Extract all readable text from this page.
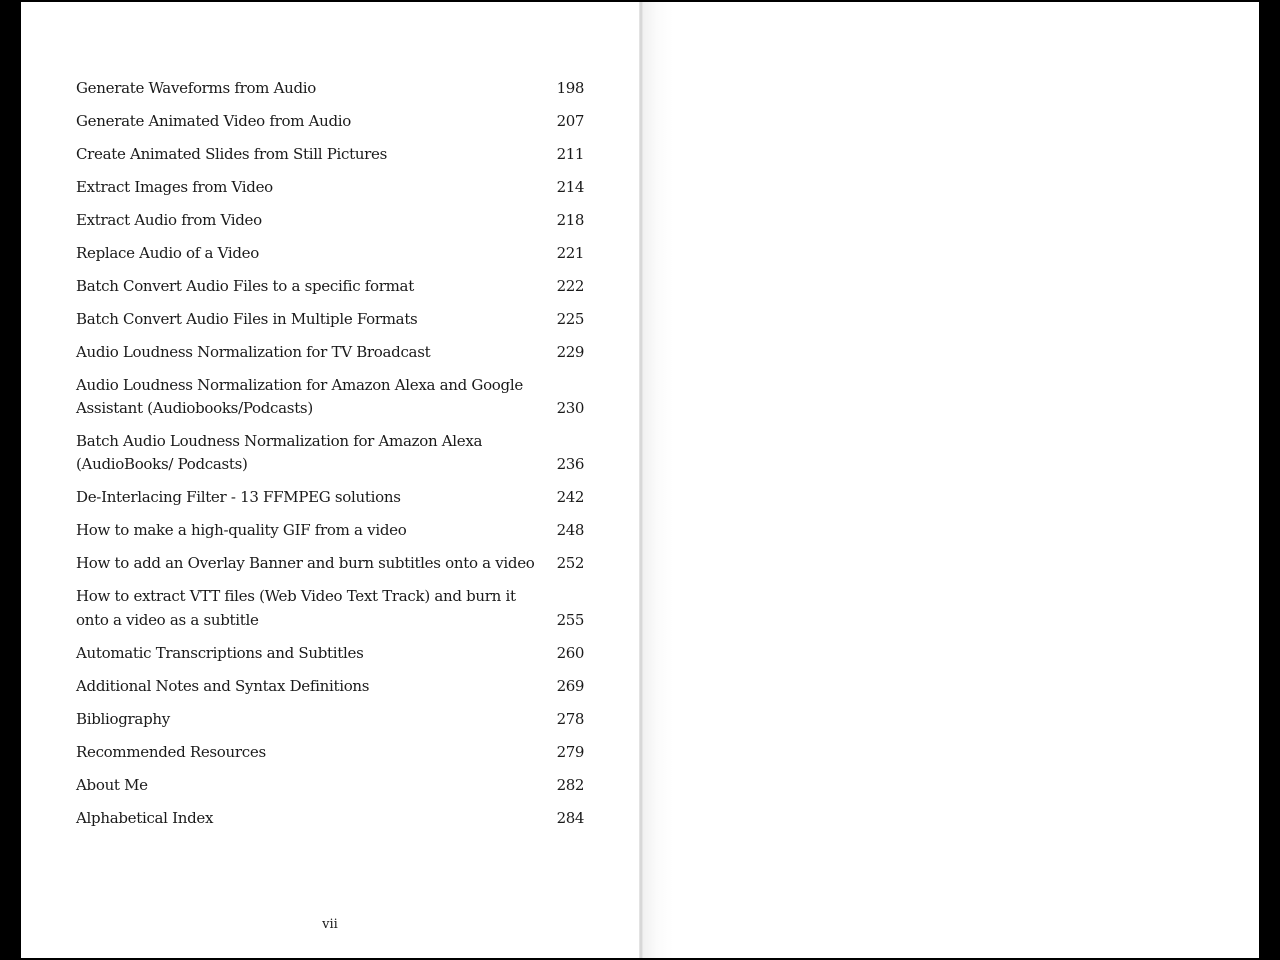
Generate Waveforms from Audio	198
Generate Animated Video from Audio	207
Create Animated Slides from Still Pictures	211
Extract Images from Video	214
Extract Audio from Video	218
Replace Audio of a Video	221
Batch Convert Audio Files to a specific format	222
Batch Convert Audio Files in Multiple Formats	225
Audio Loudness Normalization for TV Broadcast	229
Audio Loudness Normalization for Amazon Alexa and Google Assistant (Audiobooks/Podcasts)	230
Batch Audio Loudness Normalization for Amazon Alexa (AudioBooks/ Podcasts)	236
De-Interlacing Filter - 13 FFMPEG solutions	242
How to make a high-quality GIF from a video	248
How to add an Overlay Banner and burn subtitles onto a video 252
How to extract VTT files (Web Video Text Track) and burn it onto a video as a subtitle	255
Automatic Transcriptions and Subtitles	260
Additional Notes and Syntax Definitions	269
Bibliography	278
Recommended Resources	279
About Me	282
Alphabetical Index	284
vii
